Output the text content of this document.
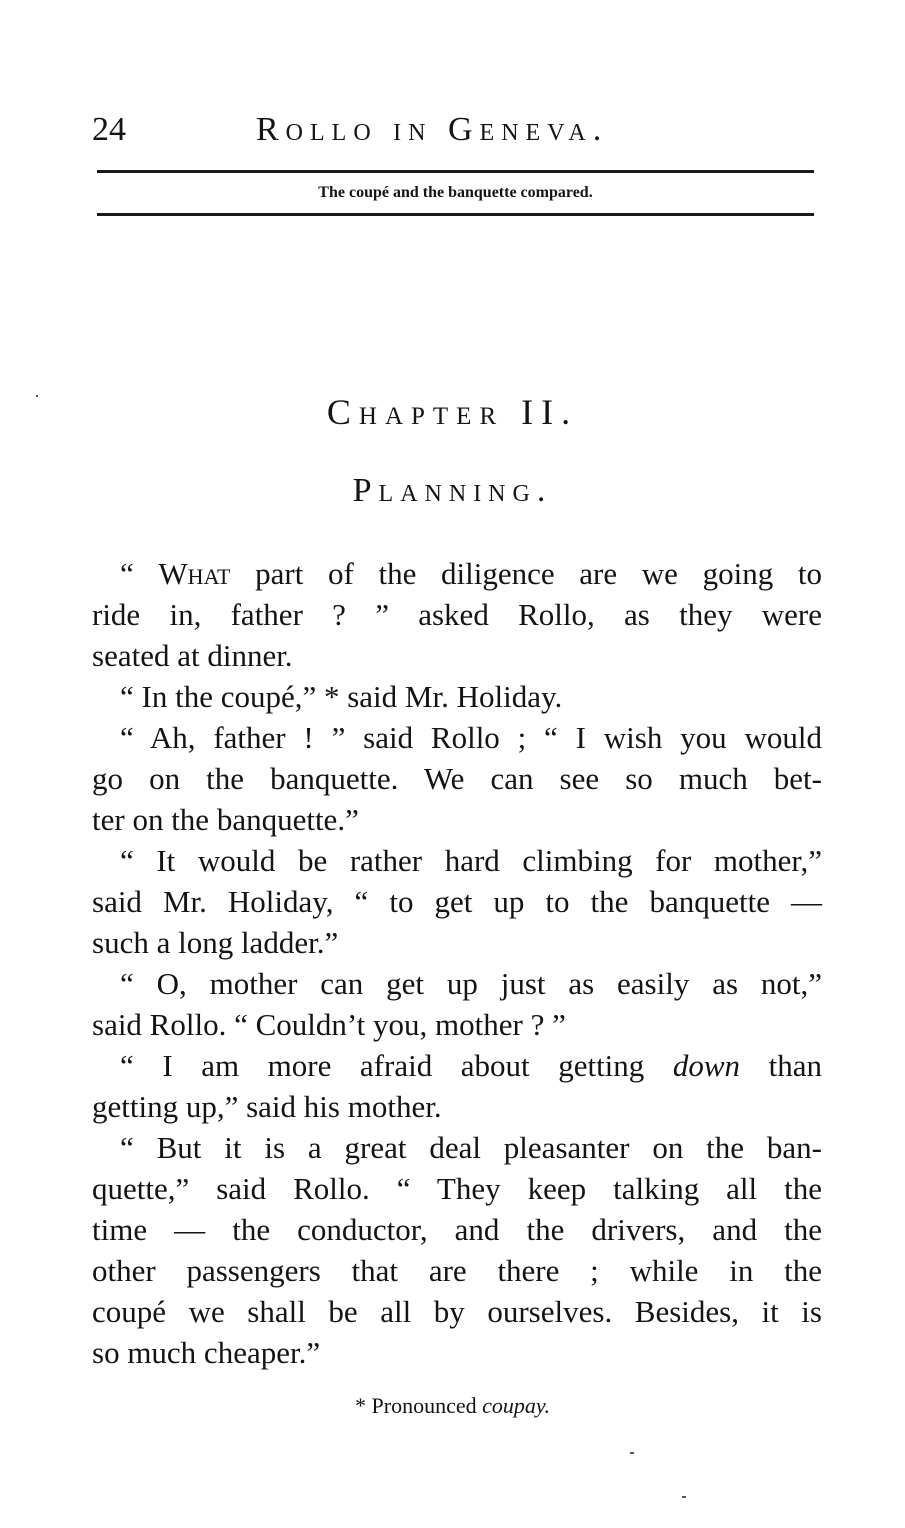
24	Rollo in Geneva.
The coupé and the banquette compared.
Chapter II.
Planning.
“ What part of the diligence are we going to
ride in, father ? ” asked Rollo, as they were
seated at dinner.
“ In the coupé,” * said Mr. Holiday.
“ Ah, father ! ” said Rollo ; “ I wish you would
go on the banquette. We can see so much bet-
ter on the banquette.”
“ It would be rather hard climbing for mother,”
said Mr. Holiday, “ to get up to the banquette —
such a long ladder.”
“ O, mother can get up just as easily as not,”
said Rollo. “ Couldn’t you, mother ? ”
“ I am more afraid about getting down than
getting up,” said his mother.
“ But it is a great deal pleasanter on the ban-
quette,” said Rollo. “ They keep talking all the
time — the conductor, and the drivers, and the
other passengers that are there ; while in the
coupé we shall be all by ourselves. Besides, it is
so much cheaper.”
* Pronounced coupay.
